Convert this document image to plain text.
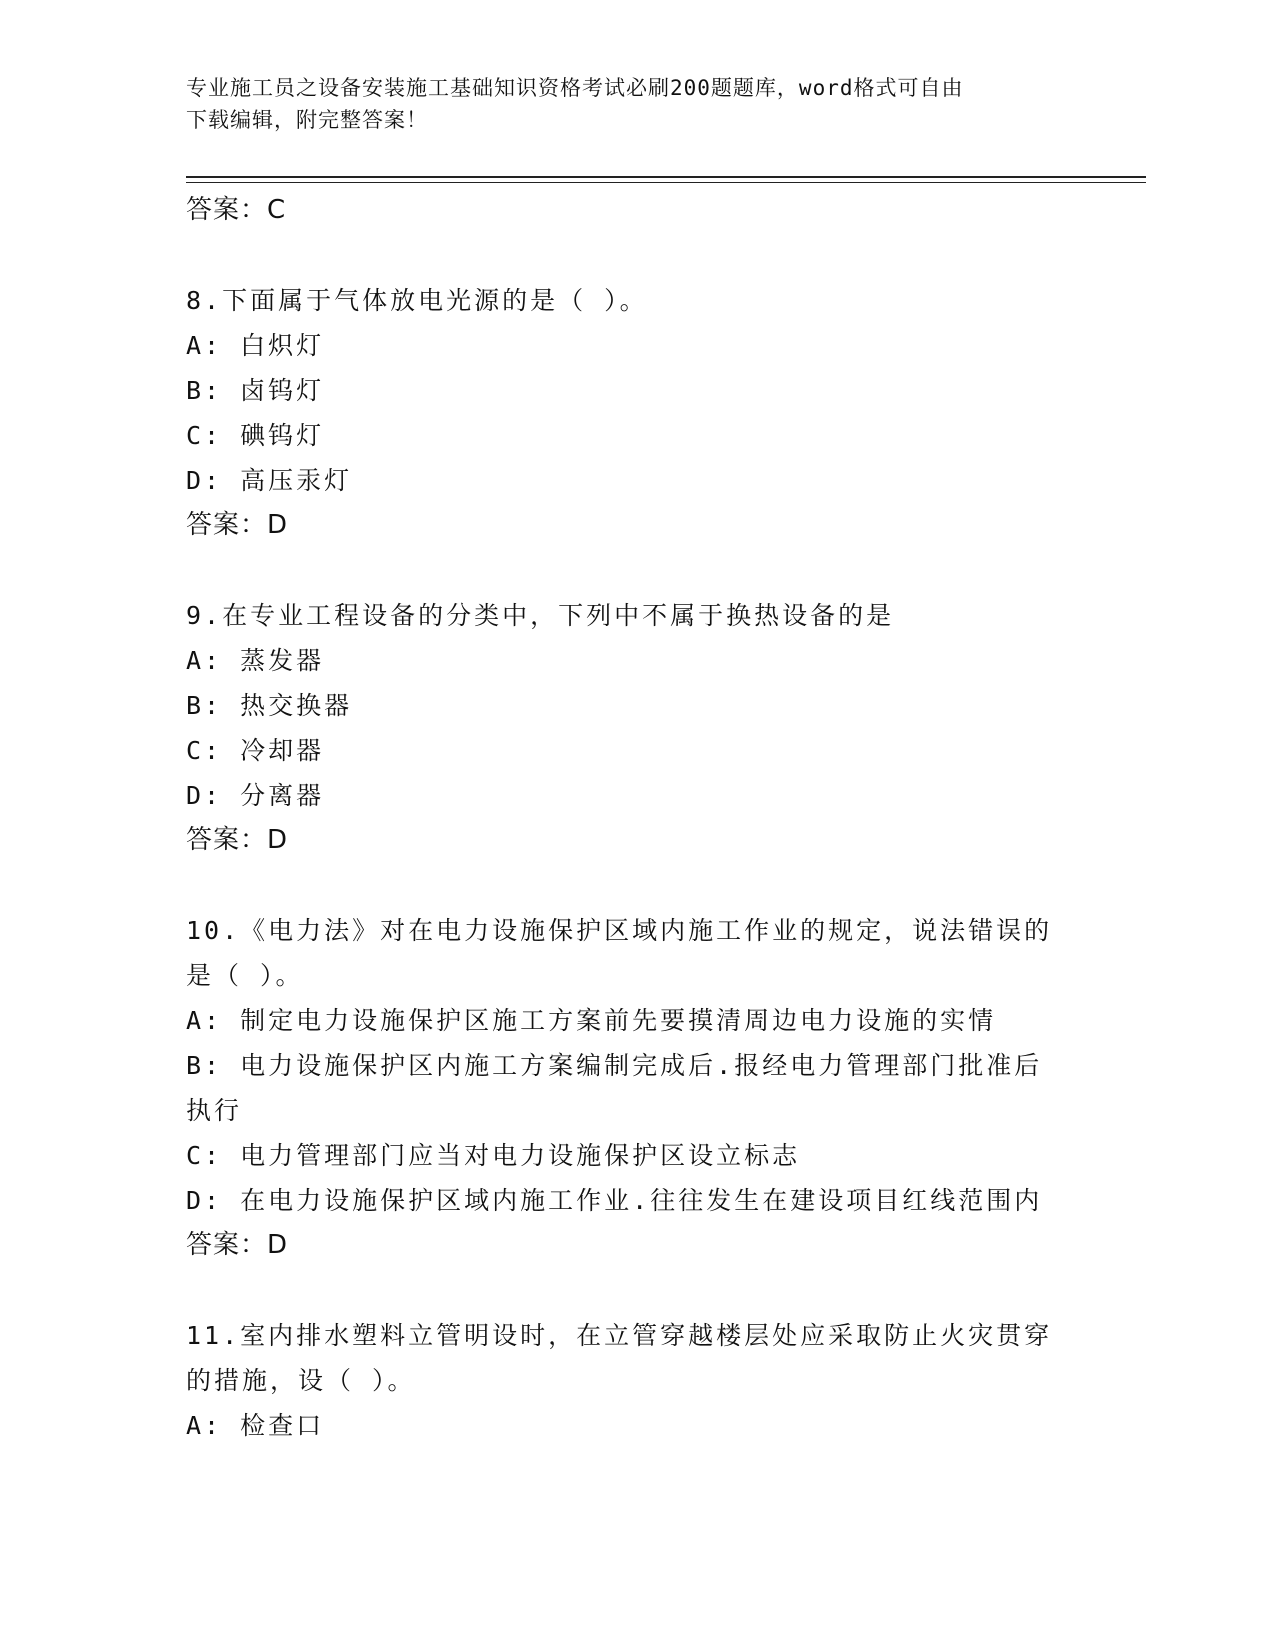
专业施工员之设备安装施工基础知识资格考试必刷200题题库，word格式可自由
下载编辑，附完整答案！
答案：C
8.下面属于气体放电光源的是（ ）。
A: 白炽灯
B: 卤钨灯
C: 碘钨灯
D: 高压汞灯
答案：D
9.在专业工程设备的分类中，下列中不属于换热设备的是
A: 蒸发器
B: 热交换器
C: 冷却器
D: 分离器
答案：D
10.《电力法》对在电力设施保护区域内施工作业的规定，说法错误的
是（ ）。
A: 制定电力设施保护区施工方案前先要摸清周边电力设施的实情
B: 电力设施保护区内施工方案编制完成后.报经电力管理部门批准后
执行
C: 电力管理部门应当对电力设施保护区设立标志
D: 在电力设施保护区域内施工作业.往往发生在建设项目红线范围内
答案：D
11.室内排水塑料立管明设时，在立管穿越楼层处应采取防止火灾贯穿
的措施，设（ ）。
A: 检查口
